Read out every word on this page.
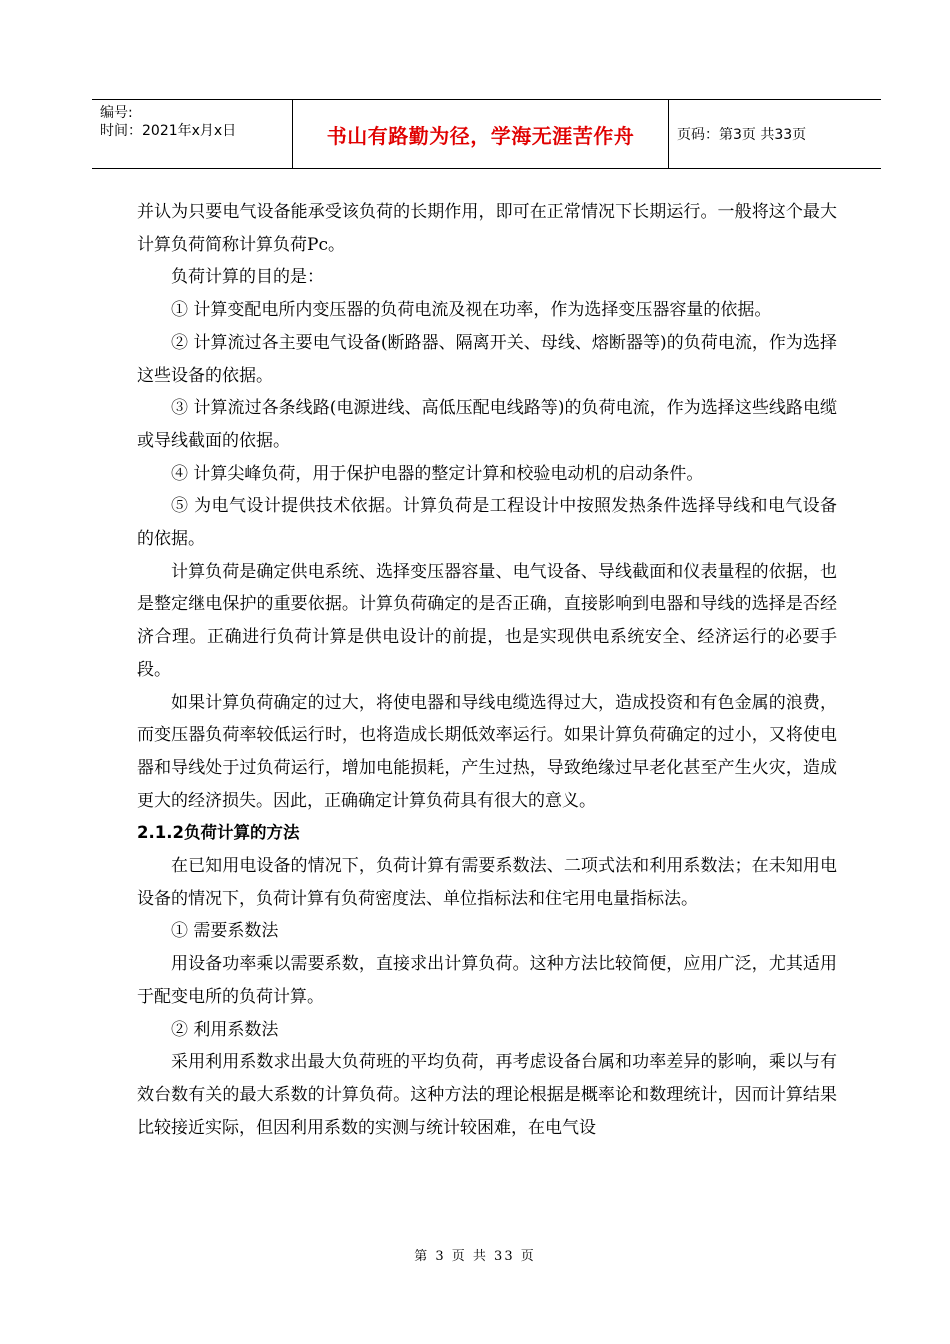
编号:
时间：2021年x月x日	书山有路勤为径，学海无涯苦作舟	页码：第3页 共33页

并认为只要电气设备能承受该负荷的长期作用，即可在正常情况下长期运行。一般将这个最大计算负荷简称计算负荷Pc。

负荷计算的目的是：

① 计算变配电所内变压器的负荷电流及视在功率，作为选择变压器容量的依据。

② 计算流过各主要电气设备(断路器、隔离开关、母线、熔断器等)的负荷电流，作为选择这些设备的依据。

③ 计算流过各条线路(电源进线、高低压配电线路等)的负荷电流，作为选择这些线路电缆或导线截面的依据。

④ 计算尖峰负荷，用于保护电器的整定计算和校验电动机的启动条件。

⑤ 为电气设计提供技术依据。计算负荷是工程设计中按照发热条件选择导线和电气设备的依据。

计算负荷是确定供电系统、选择变压器容量、电气设备、导线截面和仪表量程的依据，也是整定继电保护的重要依据。计算负荷确定的是否正确，直接影响到电器和导线的选择是否经济合理。正确进行负荷计算是供电设计的前提，也是实现供电系统安全、经济运行的必要手段。

如果计算负荷确定的过大，将使电器和导线电缆选得过大，造成投资和有色金属的浪费，而变压器负荷率较低运行时，也将造成长期低效率运行。如果计算负荷确定的过小，又将使电器和导线处于过负荷运行，增加电能损耗，产生过热，导致绝缘过早老化甚至产生火灾，造成更大的经济损失。因此，正确确定计算负荷具有很大的意义。

2.1.2负荷计算的方法

在已知用电设备的情况下，负荷计算有需要系数法、二项式法和利用系数法；在未知用电设备的情况下，负荷计算有负荷密度法、单位指标法和住宅用电量指标法。

① 需要系数法

用设备功率乘以需要系数，直接求出计算负荷。这种方法比较简便，应用广泛，尤其适用于配变电所的负荷计算。

② 利用系数法

采用利用系数求出最大负荷班的平均负荷，再考虑设备台属和功率差异的影响，乘以与有效台数有关的最大系数的计算负荷。这种方法的理论根据是概率论和数理统计，因而计算结果比较接近实际，但因利用系数的实测与统计较困难，在电气设

第 3 页 共 33 页
